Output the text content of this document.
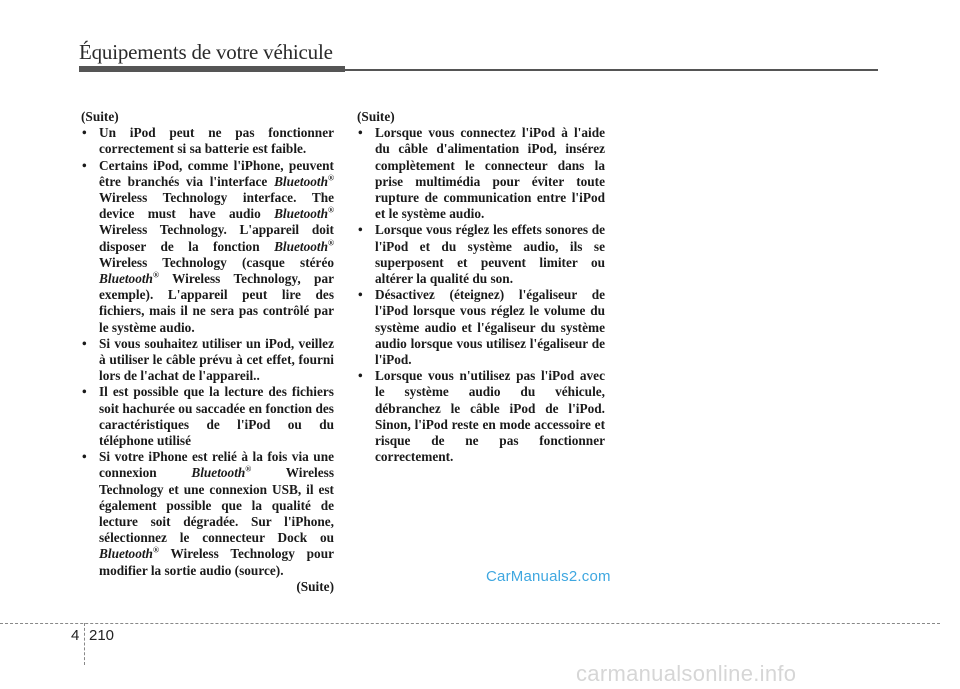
Équipements de votre véhicule
(Suite)
• Un iPod peut ne pas fonctionner correctement si sa batterie est faible.
• Certains iPod, comme l'iPhone, peuvent être branchés via l'interface Bluetooth® Wireless Technology interface. The device must have audio Bluetooth® Wireless Technology. L'appareil doit disposer de la fonction Bluetooth® Wireless Technology (casque stéréo Bluetooth® Wireless Technology, par exemple). L'appareil peut lire des fichiers, mais il ne sera pas contrôlé par le système audio.
• Si vous souhaitez utiliser un iPod, veillez à utiliser le câble prévu à cet effet, fourni lors de l'achat de l'appareil..
• Il est possible que la lecture des fichiers soit hachurée ou saccadée en fonction des caractéristiques de l'iPod ou du téléphone utilisé
• Si votre iPhone est relié à la fois via une connexion Bluetooth® Wireless Technology et une connexion USB, il est également possible que la qualité de lecture soit dégradée. Sur l'iPhone, sélectionnez le connecteur Dock ou Bluetooth® Wireless Technology pour modifier la sortie audio (source).
(Suite)
(Suite)
• Lorsque vous connectez l'iPod à l'aide du câble d'alimentation iPod, insérez complètement le connecteur dans la prise multimédia pour éviter toute rupture de communication entre l'iPod et le système audio.
• Lorsque vous réglez les effets sonores de l'iPod et du système audio, ils se superposent et peuvent limiter ou altérer la qualité du son.
• Désactivez (éteignez) l'égaliseur de l'iPod lorsque vous réglez le volume du système audio et l'égaliseur du système audio lorsque vous utilisez l'égaliseur de l'iPod.
• Lorsque vous n'utilisez pas l'iPod avec le système audio du véhicule, débranchez le câble iPod de l'iPod. Sinon, l'iPod reste en mode accessoire et risque de ne pas fonctionner correctement.
CarManuals2.com
4 210
carmanualsonline.info
